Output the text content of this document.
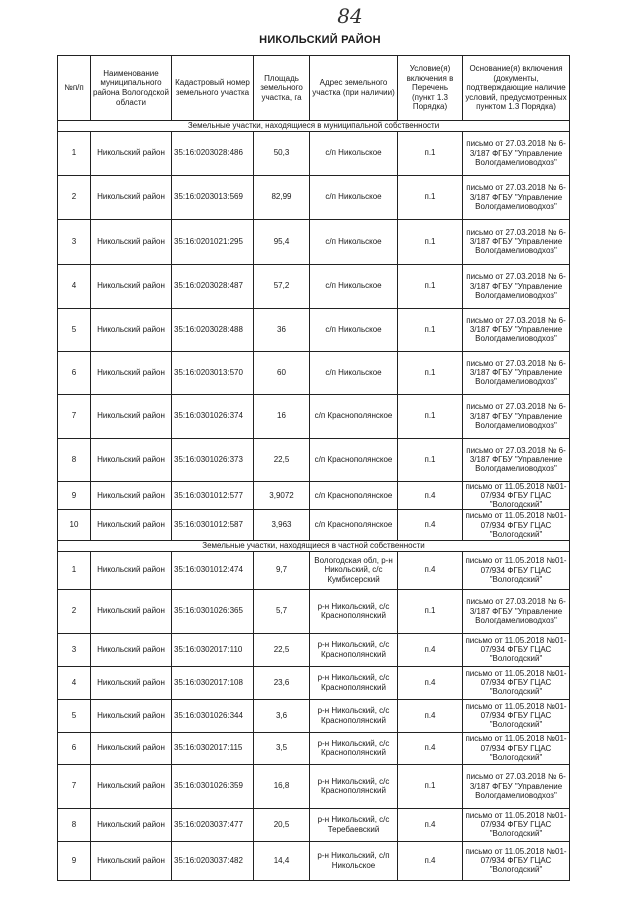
84
НИКОЛЬСКИЙ РАЙОН
№п/п	Наименование муниципального района Вологодской области	Кадастровый номер земельного участка	Площадь земельного участка, га	Адрес земельного участка (при наличии)	Условие(я) включения в Перечень (пункт 1.3 Порядка)	Основание(я) включения (документы, подтверждающие наличие условий, предусмотренных пунктом 1.3 Порядка)
Земельные участки, находящиеся в муниципальной собственности						
1	Никольский район	35:16:0203028:486	50,3	с/п Никольское	п.1	письмо от 27.03.2018 № 6-3/187 ФГБУ "Управление Вологдамелиоводхоз"
2	Никольский район	35:16:0203013:569	82,99	с/п Никольское	п.1	письмо от 27.03.2018 № 6-3/187 ФГБУ "Управление Вологдамелиоводхоз"
3	Никольский район	35:16:0201021:295	95,4	с/п Никольское	п.1	письмо от 27.03.2018 № 6-3/187 ФГБУ "Управление Вологдамелиоводхоз"
4	Никольский район	35:16:0203028:487	57,2	с/п Никольское	п.1	письмо от 27.03.2018 № 6-3/187 ФГБУ "Управление Вологдамелиоводхоз"
5	Никольский район	35:16:0203028:488	36	с/п Никольское	п.1	письмо от 27.03.2018 № 6-3/187 ФГБУ "Управление Вологдамелиоводхоз"
6	Никольский район	35:16:0203013:570	60	с/п Никольское	п.1	письмо от 27.03.2018 № 6-3/187 ФГБУ "Управление Вологдамелиоводхоз"
7	Никольский район	35:16:0301026:374	16	с/п Краснополянское	п.1	письмо от 27.03.2018 № 6-3/187 ФГБУ "Управление Вологдамелиоводхоз"
8	Никольский район	35:16:0301026:373	22,5	с/п Краснополянское	п.1	письмо от 27.03.2018 № 6-3/187 ФГБУ "Управление Вологдамелиоводхоз"
9	Никольский район	35:16:0301012:577	3,9072	с/п Краснополянское	п.4	письмо от 11.05.2018 №01-07/934 ФГБУ ГЦАС "Вологодский"
10	Никольский район	35:16:0301012:587	3,963	с/п Краснополянское	п.4	письмо от 11.05.2018 №01-07/934 ФГБУ ГЦАС "Вологодский"
Земельные участки, находящиеся в частной собственности						
1	Никольский район	35:16:0301012:474	9,7	Вологодская обл, р-н Никольский, с/с Кумбисерский	п.4	письмо от 11.05.2018 №01-07/934 ФГБУ ГЦАС "Вологодский"
2	Никольский район	35:16:0301026:365	5,7	р-н Никольский, с/с Краснополянский	п.1	письмо от 27.03.2018 № 6-3/187 ФГБУ "Управление Вологдамелиоводхоз"
3	Никольский район	35:16:0302017:110	22,5	р-н Никольский, с/с Краснополянский	п.4	письмо от 11.05.2018 №01-07/934 ФГБУ ГЦАС "Вологодский"
4	Никольский район	35:16:0302017:108	23,6	р-н Никольский, с/с Краснополянский	п.4	письмо от 11.05.2018 №01-07/934 ФГБУ ГЦАС "Вологодский"
5	Никольский район	35:16:0301026:344	3,6	р-н Никольский, с/с Краснополянский	п.4	письмо от 11.05.2018 №01-07/934 ФГБУ ГЦАС "Вологодский"
6	Никольский район	35:16:0302017:115	3,5	р-н Никольский, с/с Краснополянский	п.4	письмо от 11.05.2018 №01-07/934 ФГБУ ГЦАС "Вологодский"
7	Никольский район	35:16:0301026:359	16,8	р-н Никольский, с/с Краснополянский	п.1	письмо от 27.03.2018 № 6-3/187 ФГБУ "Управление Вологдамелиоводхоз"
8	Никольский район	35:16:0203037:477	20,5	р-н Никольский, с/с Теребаевский	п.4	письмо от 11.05.2018 №01-07/934 ФГБУ ГЦАС "Вологодский"
9	Никольский район	35:16:0203037:482	14,4	р-н Никольский, с/п Никольское	п.4	письмо от 11.05.2018 №01-07/934 ФГБУ ГЦАС "Вологодский"
